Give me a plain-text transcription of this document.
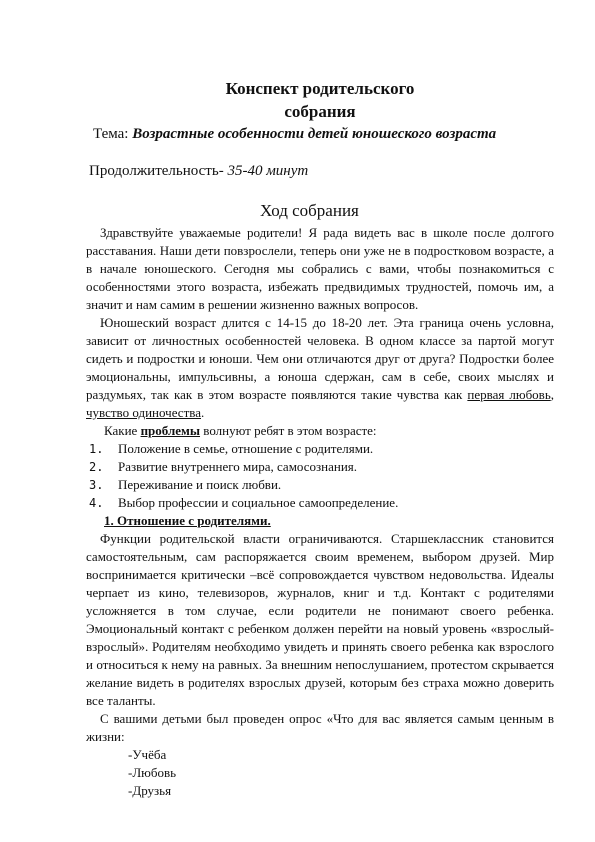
Конспект родительского
собрания
Тема: Возрастные особенности детей юношеского возраста
Продолжительность- 35-40 минут
Ход собрания

Здравствуйте уважаемые родители! Я рада видеть вас в школе после долгого расставания. Наши дети повзрослели, теперь они уже не в подростковом возрасте, а в начале юношеского. Сегодня мы собрались с вами, чтобы познакомиться с особенностями этого возраста, избежать предвидимых трудностей, помочь им, а значит и нам самим в решении жизненно важных вопросов.

Юношеский возраст длится с 14-15 до 18-20 лет. Эта граница очень условна, зависит от личностных особенностей человека. В одном классе за партой могут сидеть и подростки и юноши. Чем они отличаются друг от друга? Подростки более эмоциональны, импульсивны, а юноша сдержан, сам в себе, своих мыслях и раздумьях, так как в этом возрасте появляются такие чувства как первая любовь, чувство одиночества.

Какие проблемы волнуют ребят в этом возрасте:

1. Положение в семье, отношение с родителями.
2. Развитие внутреннего мира, самосознания.
3. Переживание и поиск любви.
4. Выбор профессии и социальное самоопределение.

1. Отношение с родителями.

Функции родительской власти ограничиваются. Старшеклассник становится самостоятельным, сам распоряжается своим временем, выбором друзей. Мир воспринимается критически –всё сопровождается чувством недовольства. Идеалы черпает из кино, телевизоров, журналов, книг и т.д. Контакт с родителями усложняется в том случае, если родители не понимают своего ребенка. Эмоциональный контакт с ребенком должен перейти на новый уровень «взрослый- взрослый». Родителям необходимо увидеть и принять своего ребенка как взрослого и относиться к нему на равных. За внешним непослушанием, протестом скрывается желание видеть в родителях взрослых друзей, которым без страха можно доверить все таланты.

С вашими детьми был проведен опрос «Что для вас является самым ценным в жизни:

-Учёба
-Любовь
-Друзья
